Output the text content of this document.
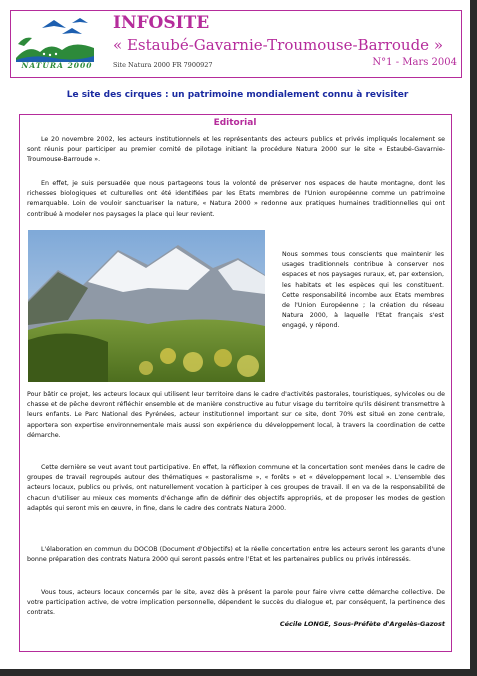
NATURA 2000
INFOSITE
« Estaubé-Gavarnie-Troumouse-Barroude »
Site Natura 2000 FR 7900927	N°1 - Mars 2004
Le site des cirques : un patrimoine mondialement connu à revisiter
Editorial
Le 20 novembre 2002, les acteurs institutionnels et les représentants des acteurs publics et privés impliqués localement se sont réunis pour participer au premier comité de pilotage initiant la procédure Natura 2000 sur le site « Estaubé-Gavarnie-Troumouse-Barroude ».
En effet, je suis persuadée que nous partageons tous la volonté de préserver nos espaces de haute montagne, dont les richesses biologiques et culturelles ont été identifiées par les Etats membres de l'Union européenne comme un patrimoine remarquable. Loin de vouloir sanctuariser la nature, « Natura 2000 » redonne aux pratiques humaines traditionnelles qui ont contribué à modeler nos paysages la place qui leur revient.
Nous sommes tous conscients que maintenir les usages traditionnels contribue à conserver nos espaces et nos paysages ruraux, et, par extension, les habitats et les espèces qui les constituent. Cette responsabilité incombe aux Etats membres de l'Union Européenne ; la création du réseau Natura 2000, à laquelle l'Etat français s'est engagé, y répond.
Pour bâtir ce projet, les acteurs locaux qui utilisent leur territoire dans le cadre d'activités pastorales, touristiques, sylvicoles ou de chasse et de pêche devront réfléchir ensemble et de manière constructive au futur visage du territoire qu'ils désirent transmettre à leurs enfants. Le Parc National des Pyrénées, acteur institutionnel important sur ce site, dont 70% est situé en zone centrale, apportera son expertise environnementale mais aussi son expérience du développement local, à travers la coordination de cette démarche.
Cette dernière se veut avant tout participative. En effet, la réflexion commune et la concertation sont menées dans le cadre de groupes de travail regroupés autour des thématiques « pastoralisme », « forêts » et « développement local ». L'ensemble des acteurs locaux, publics ou privés, ont naturellement vocation à participer à ces groupes de travail. Il en va de la responsabilité de chacun d'utiliser au mieux ces moments d'échange afin de définir des objectifs appropriés, et de proposer les modes de gestion adaptés qui seront mis en œuvre, in fine, dans le cadre des contrats Natura 2000.
L'élaboration en commun du DOCOB (Document d'Objectifs) et la réelle concertation entre les acteurs seront les garants d'une bonne préparation des contrats Natura 2000 qui seront passés entre l'Etat et les partenaires publics ou privés intéressés.
Vous tous, acteurs locaux concernés par le site, avez dès à présent la parole pour faire vivre cette démarche collective. De votre participation active, de votre implication personnelle, dépendent le succès du dialogue et, par conséquent, la pertinence des contrats.
Cécile LONGE, Sous-Préfète d'Argelès-Gazost
